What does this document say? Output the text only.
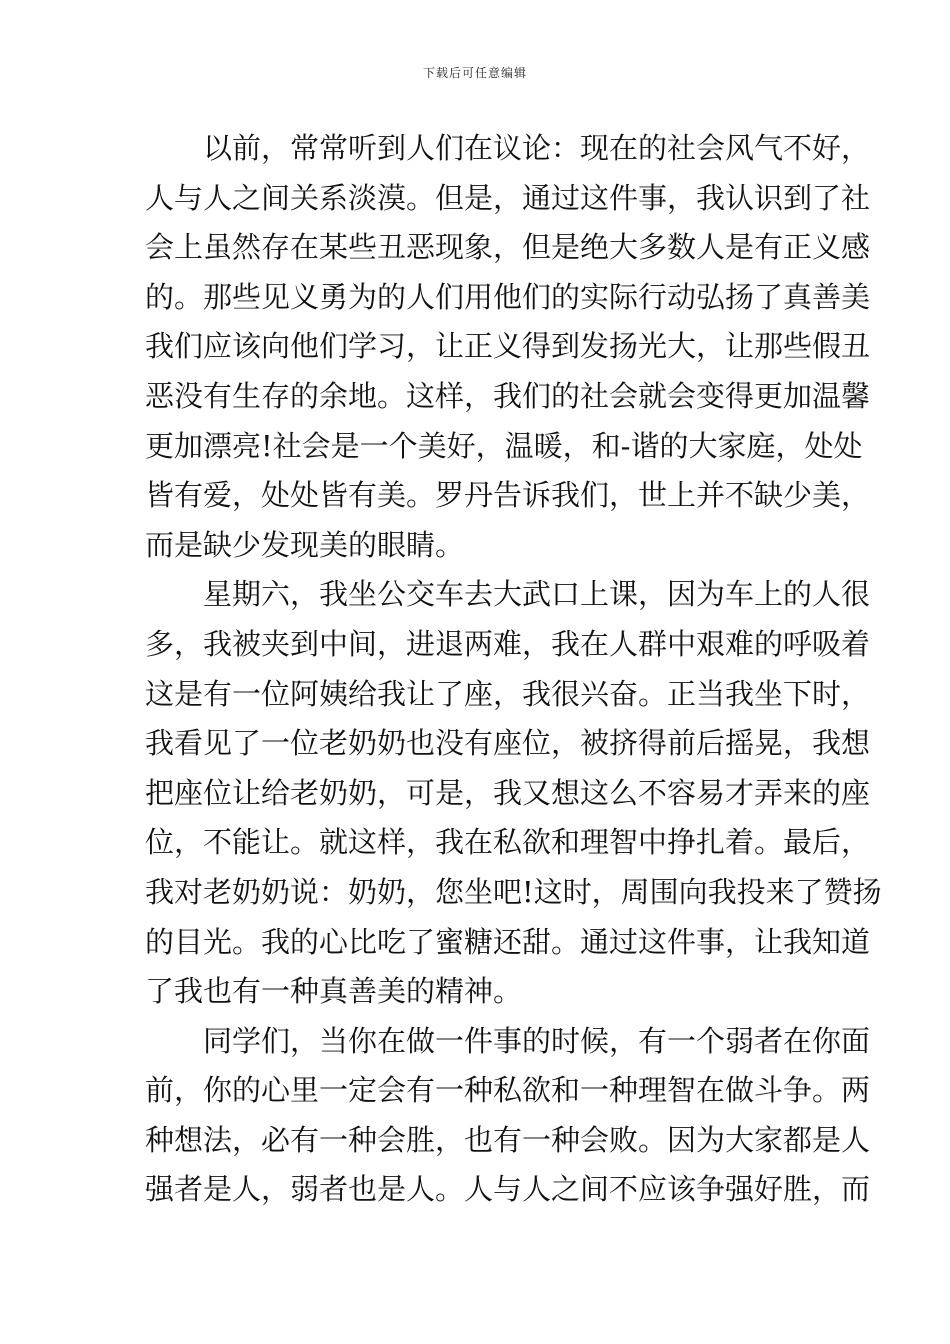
下载后可任意编辑
以前，常常听到人们在议论：现在的社会风气不好，
人与人之间关系淡漠。但是，通过这件事，我认识到了社
会上虽然存在某些丑恶现象，但是绝大多数人是有正义感
的。那些见义勇为的人们用他们的实际行动弘扬了真善美
我们应该向他们学习，让正义得到发扬光大，让那些假丑
恶没有生存的余地。这样，我们的社会就会变得更加温馨
更加漂亮!社会是一个美好，温暖，和-谐的大家庭，处处
皆有爱，处处皆有美。罗丹告诉我们，世上并不缺少美，
而是缺少发现美的眼睛。
星期六，我坐公交车去大武口上课，因为车上的人很
多，我被夹到中间，进退两难，我在人群中艰难的呼吸着
这是有一位阿姨给我让了座，我很兴奋。正当我坐下时，
我看见了一位老奶奶也没有座位，被挤得前后摇晃，我想
把座位让给老奶奶，可是，我又想这么不容易才弄来的座
位，不能让。就这样，我在私欲和理智中挣扎着。最后，
我对老奶奶说：奶奶，您坐吧!这时，周围向我投来了赞扬
的目光。我的心比吃了蜜糖还甜。通过这件事，让我知道
了我也有一种真善美的精神。
同学们，当你在做一件事的时候，有一个弱者在你面
前，你的心里一定会有一种私欲和一种理智在做斗争。两
种想法，必有一种会胜，也有一种会败。因为大家都是人
强者是人，弱者也是人。人与人之间不应该争强好胜，而
